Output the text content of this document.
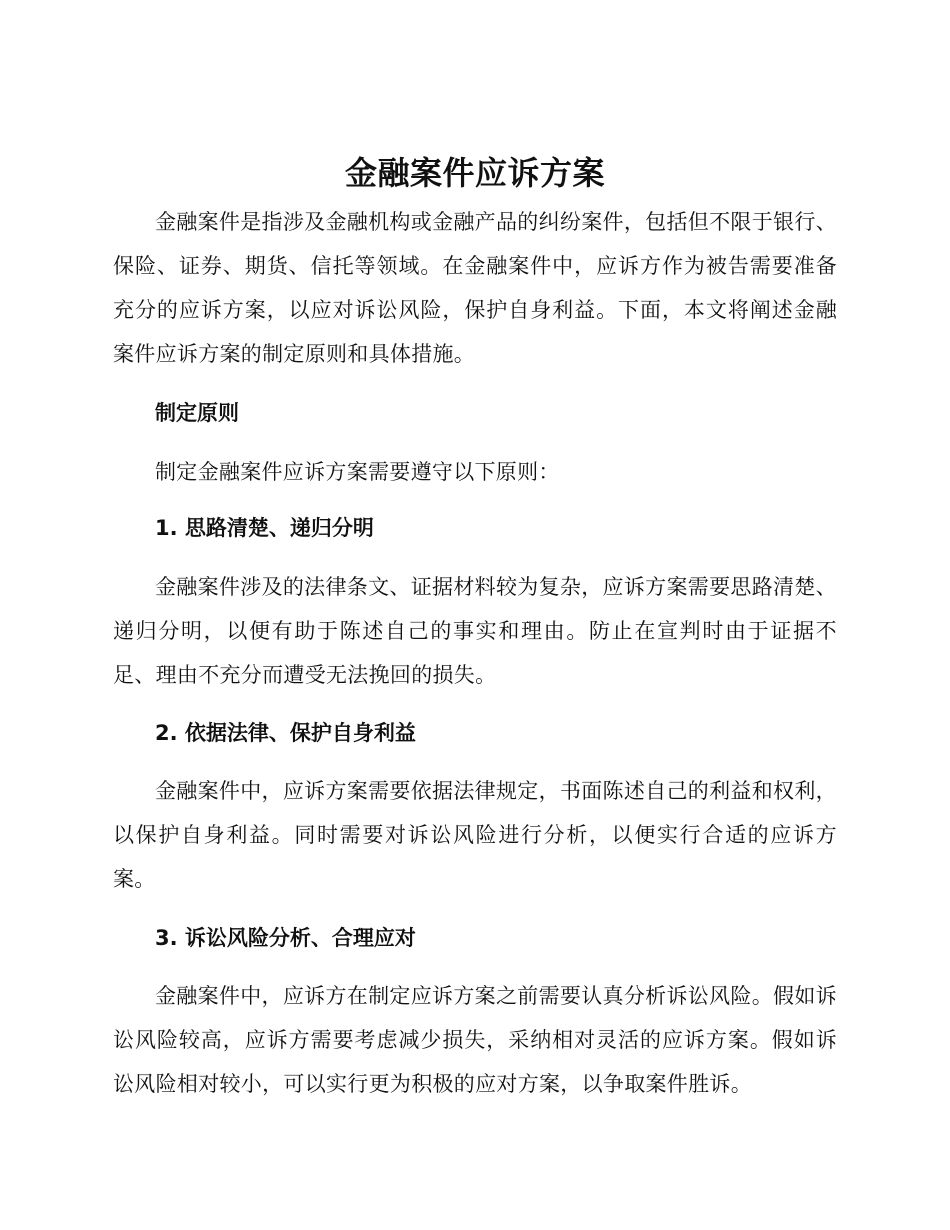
金融案件应诉方案

金融案件是指涉及金融机构或金融产品的纠纷案件，包括但不限于银行、保险、证券、期货、信托等领域。在金融案件中，应诉方作为被告需要准备充分的应诉方案，以应对诉讼风险，保护自身利益。下面，本文将阐述金融案件应诉方案的制定原则和具体措施。

制定原则

制定金融案件应诉方案需要遵守以下原则：

1. 思路清楚、递归分明

金融案件涉及的法律条文、证据材料较为复杂，应诉方案需要思路清楚、递归分明，以便有助于陈述自己的事实和理由。防止在宣判时由于证据不足、理由不充分而遭受无法挽回的损失。

2. 依据法律、保护自身利益

金融案件中，应诉方案需要依据法律规定，书面陈述自己的利益和权利，以保护自身利益。同时需要对诉讼风险进行分析，以便实行合适的应诉方案。

3. 诉讼风险分析、合理应对

金融案件中，应诉方在制定应诉方案之前需要认真分析诉讼风险。假如诉讼风险较高，应诉方需要考虑减少损失，采纳相对灵活的应诉方案。假如诉讼风险相对较小，可以实行更为积极的应对方案，以争取案件胜诉。
